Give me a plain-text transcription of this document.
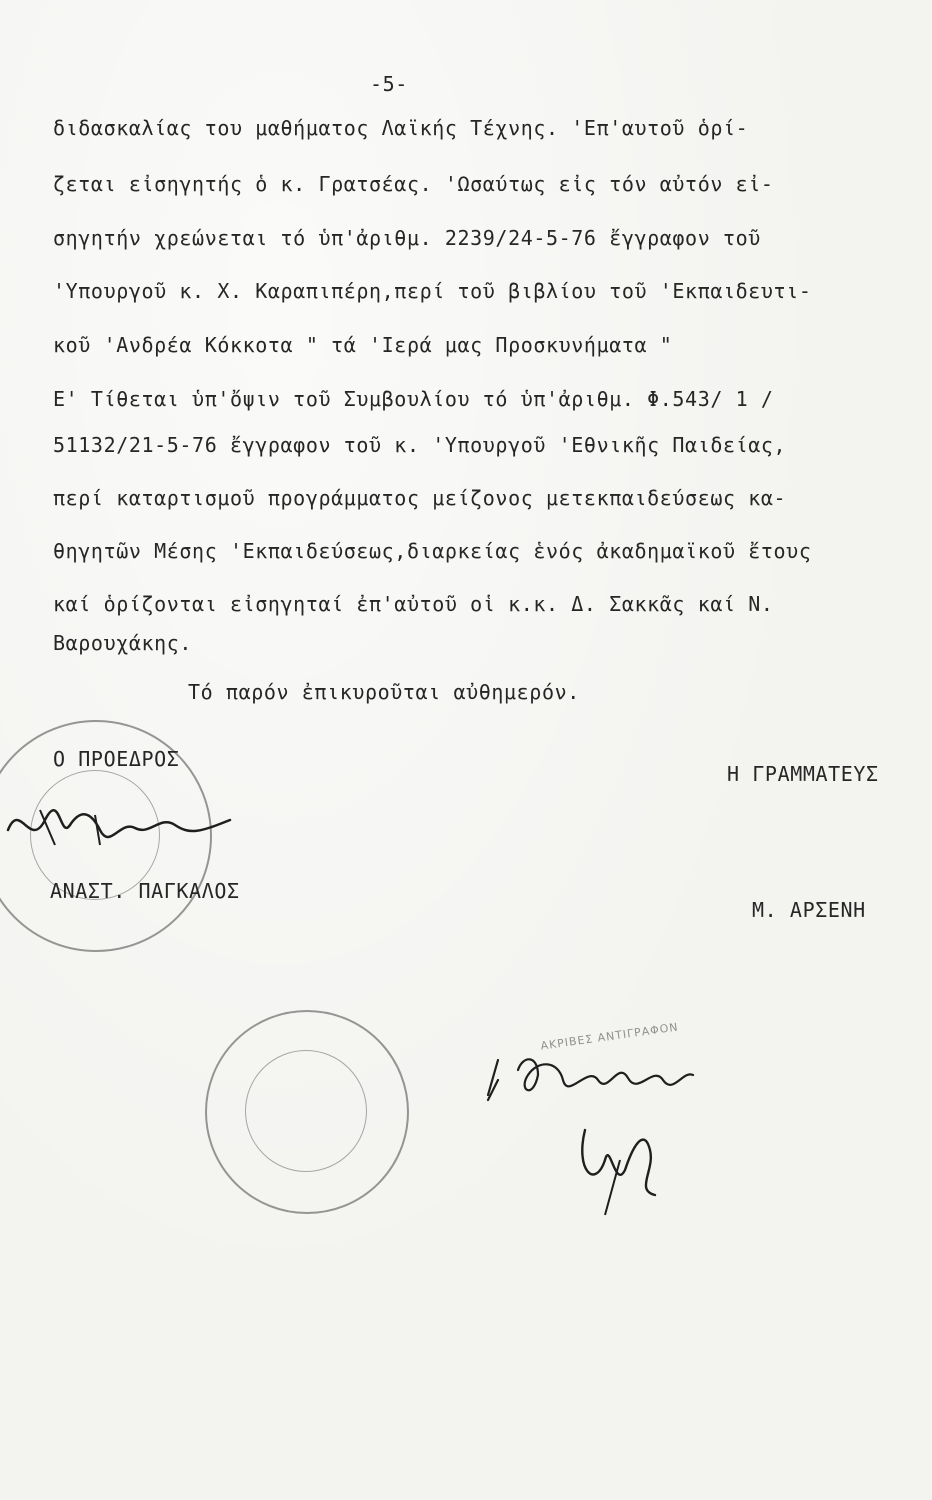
-5-
διδασκαλίας του μαθήματος Λαϊκής Τέχνης. 'Επ'αυτοῦ ὁρί-
ζεται εἰσηγητής ὁ κ. Γρατσέας. 'Ωσαύτως εἰς τόν αὐτόν εἰ-
σηγητήν χρεώνεται τό ὑπ'ἀριθμ. 2239/24-5-76 ἔγγραφον τοῦ
'Υπουργοῦ κ. Χ. Καραπιπέρη,περί τοῦ βιβλίου τοῦ 'Εκπαιδευτι-
κοῦ 'Ανδρέα Κόκκοτα " τά 'Ιερά μας Προσκυνήματα "
Ε' Τίθεται ὑπ'ὄψιν τοῦ Συμβουλίου τό ὑπ'ἀριθμ. Φ.543/ 1 /
51132/21-5-76 ἔγγραφον τοῦ κ. 'Υπουργοῦ 'Εθνικῆς Παιδείας,
περί καταρτισμοῦ προγράμματος μείζονος μετεκπαιδεύσεως κα-
θηγητῶν Μέσης 'Εκπαιδεύσεως,διαρκείας ἑνός ἀκαδημαϊκοῦ ἔτους
καί ὁρίζονται εἰσηγηταί ἐπ'αὐτοῦ οἱ κ.κ. Δ. Σακκᾶς καί Ν.
Βαρουχάκης.
Τό παρόν ἐπικυροῦται αὐθημερόν.
Ο ΠΡΟΕΔΡΟΣ
Η ΓΡΑΜΜΑΤΕΥΣ
ΑΝΑΣΤ. ΠΑΓΚΑΛΟΣ
Μ. ΑΡΣΕΝΗ
ΑΚΡΙΒΕΣ ΑΝΤΙΓΡΑΦΟΝ
